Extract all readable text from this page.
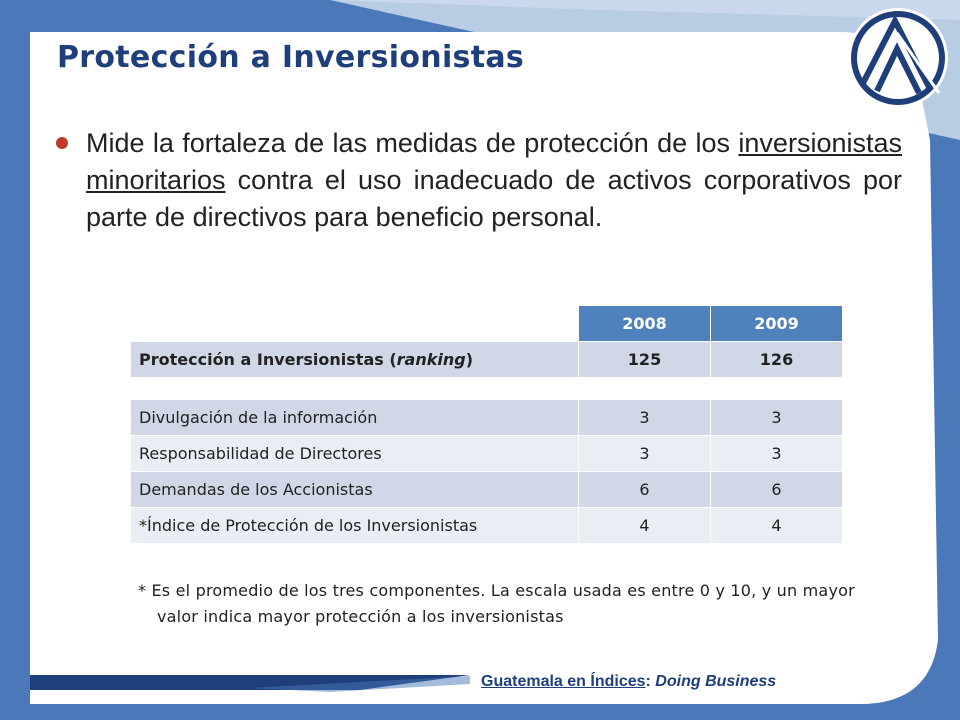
Protección a Inversionistas

Mide la fortaleza de las medidas de protección de los inversionistas minoritarios contra el uso inadecuado de activos corporativos por parte de directivos para beneficio personal.

	2008	2009
Protección a Inversionistas (ranking)	125	126
Divulgación de la información	3	3
Responsabilidad de Directores	3	3
Demandas de los Accionistas	6	6
*Índice de Protección de los Inversionistas	4	4
* Es el promedio de los tres componentes. La escala usada es entre 0 y 10, y un mayor valor indica mayor protección a los inversionistas
Guatemala en Índices: Doing Business
